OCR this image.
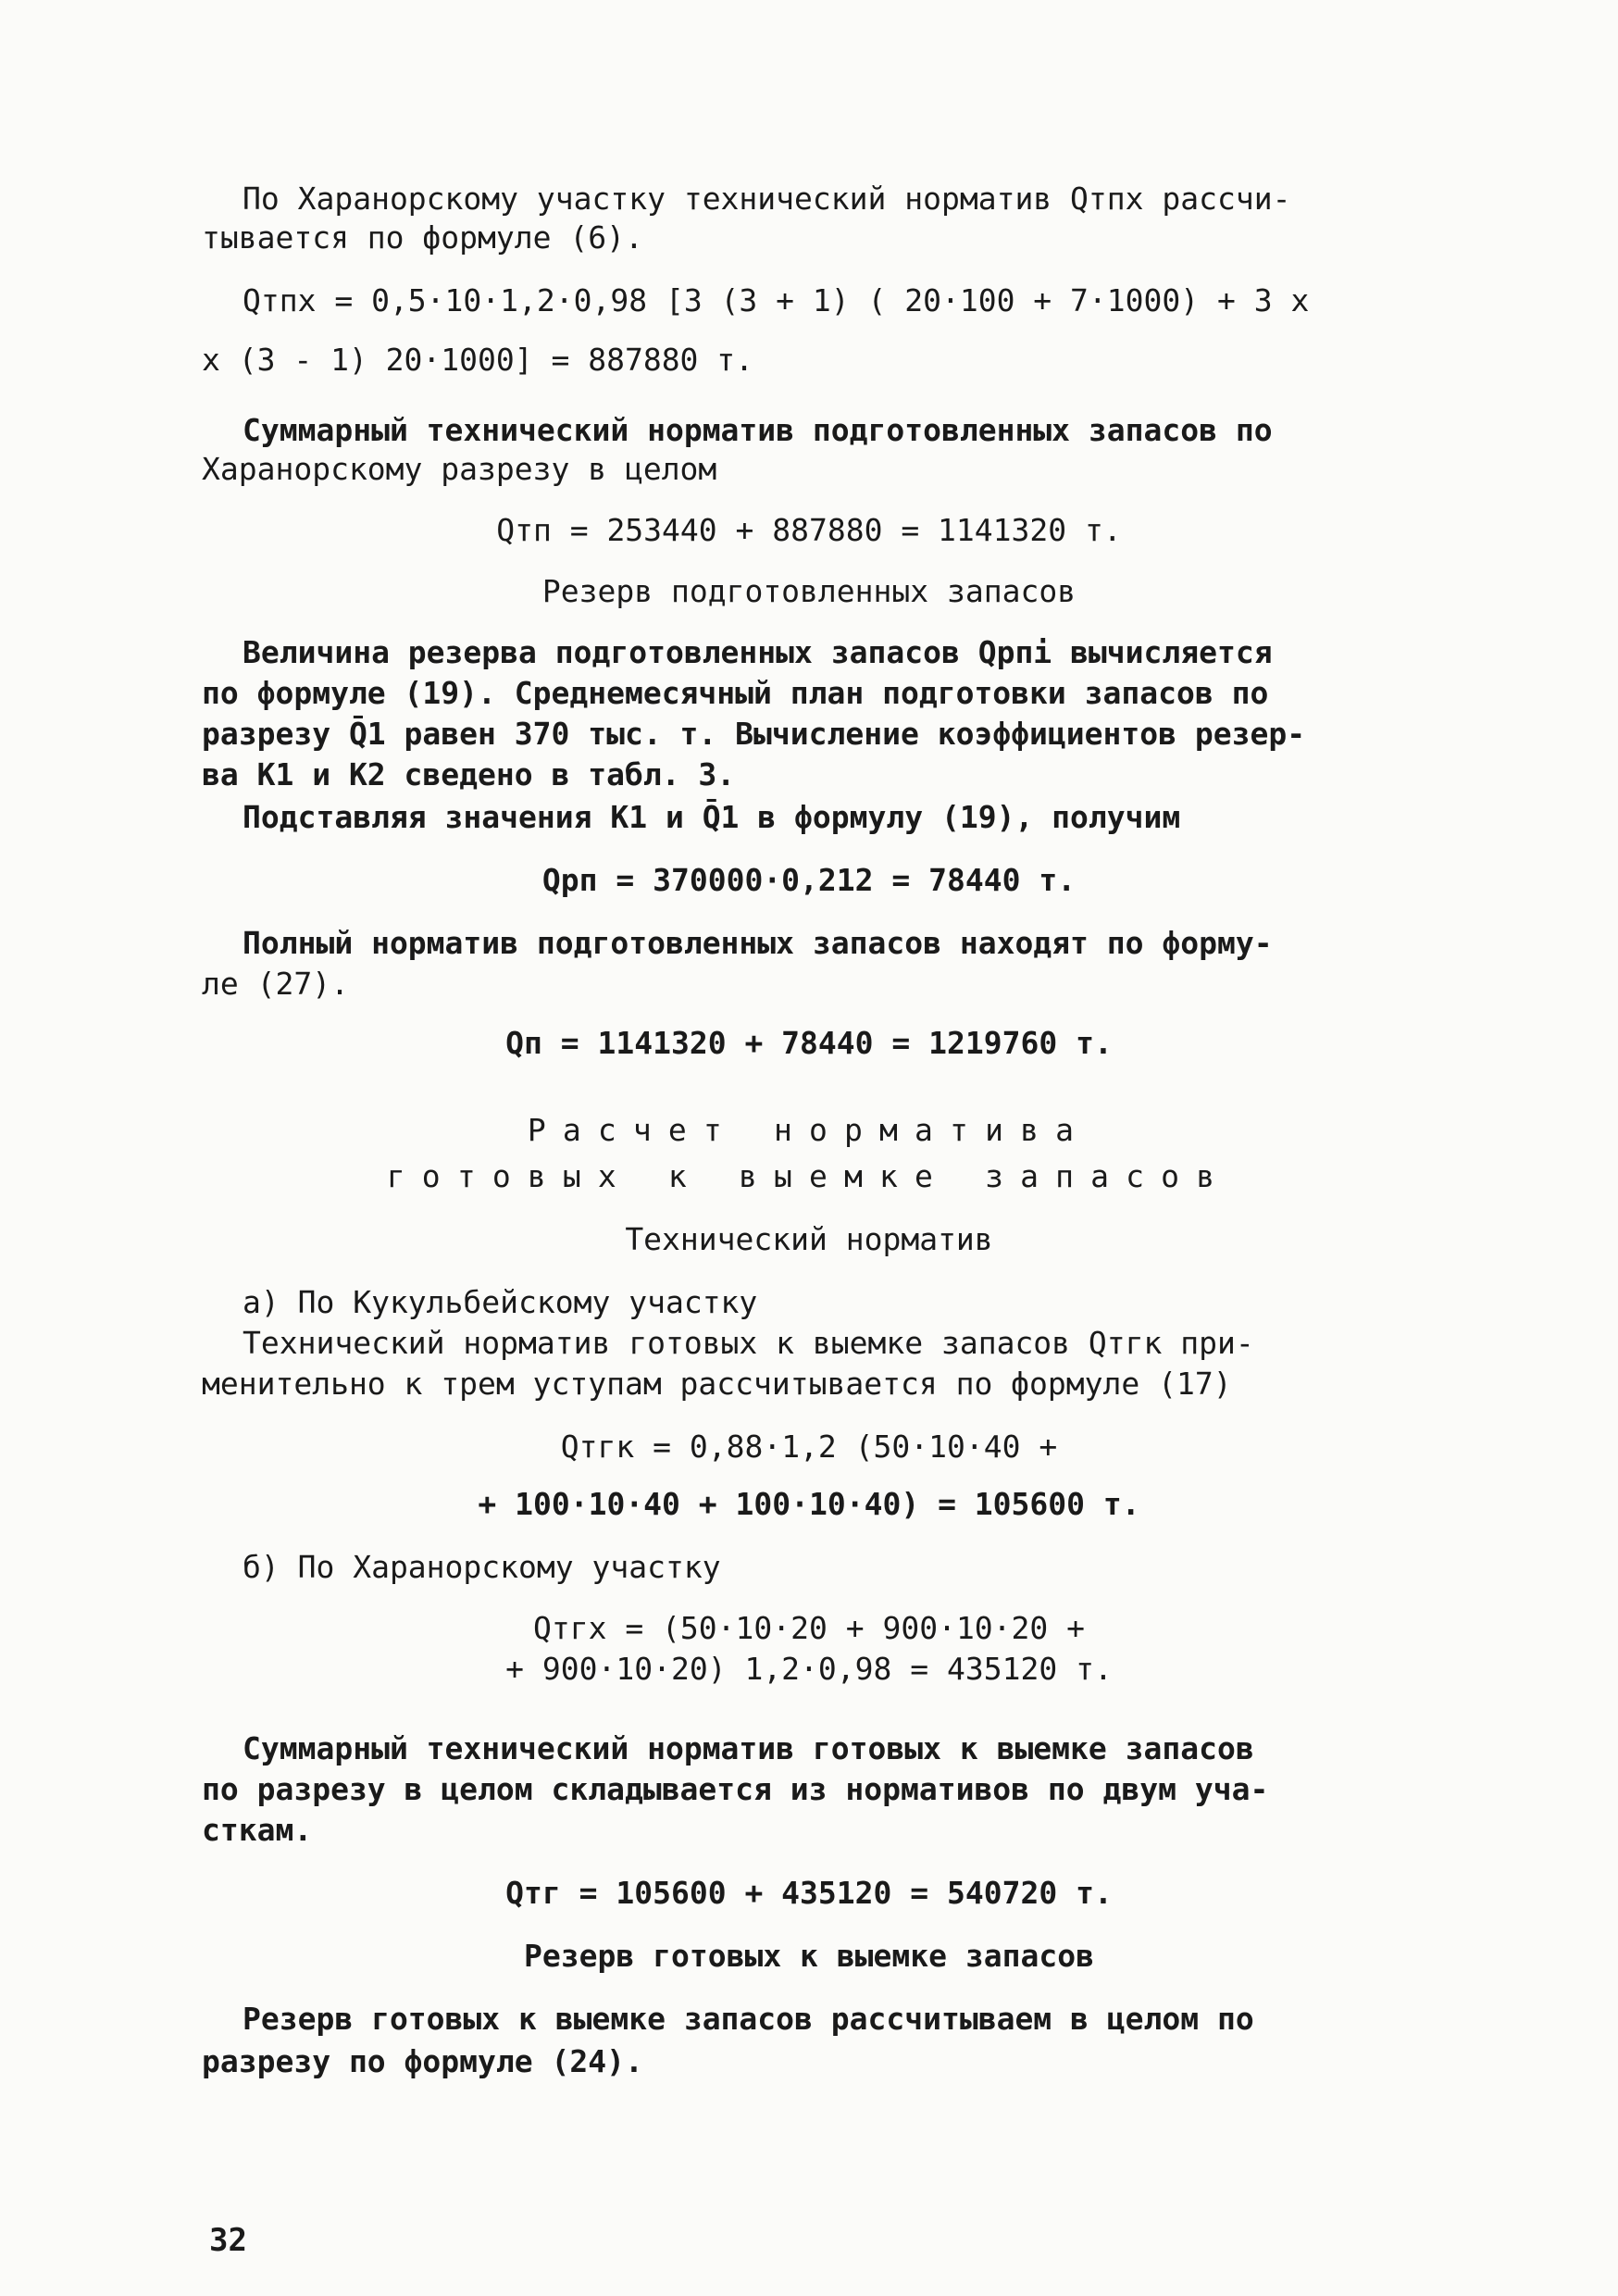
По Харанорскому участку технический норматив Qтпх рассчи-
тывается по формуле (6).
Qтпх = 0,5·10·1,2·0,98 [3 (3 + 1) ( 20·100 + 7·1000) + 3 x
x (3 - 1) 20·1000] = 887880 т.
Суммарный технический норматив подготовленных запасов по
Харанорскому разрезу в целом
Qтп = 253440 + 887880 = 1141320 т.
Резерв подготовленных запасов
Величина резерва подготовленных запасов Qрпі вычисляется
по формуле (19). Среднемесячный план подготовки запасов по
разрезу Q̄1 равен 370 тыс. т. Вычисление коэффициентов резер-
ва K1 и K2 сведено в табл. 3.
Подставляя значения K1 и Q̄1 в формулу (19), получим
Qрп = 370000·0,212 = 78440 т.
Полный норматив подготовленных запасов находят по форму-
ле (27).
Qп = 1141320 + 78440 = 1219760 т.
Расчет норматива
готовых к выемке запасов
Технический норматив
а) По Кукульбейскому участку
Технический норматив готовых к выемке запасов Qтгк при-
менительно к трем уступам рассчитывается по формуле (17)
Qтгк = 0,88·1,2 (50·10·40 +
+ 100·10·40 + 100·10·40) = 105600 т.
б) По Харанорскому участку
Qтгх = (50·10·20 + 900·10·20 +
+ 900·10·20) 1,2·0,98 = 435120 т.
Суммарный технический норматив готовых к выемке запасов
по разрезу в целом складывается из нормативов по двум уча-
сткам.
Qтг = 105600 + 435120 = 540720 т.
Резерв готовых к выемке запасов
Резерв готовых к выемке запасов рассчитываем в целом по
разрезу по формуле (24).
32
